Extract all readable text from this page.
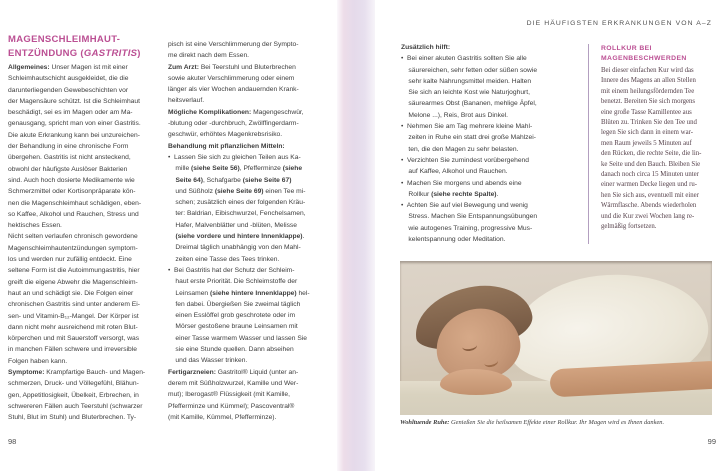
MAGENSCHLEIMHAUT-
ENTZÜNDUNG (GASTRITIS)
Allgemeines: Unser Magen ist mit einer
Schleimhautschicht ausgekleidet, die die
darunterliegenden Gewebeschichten vor
der Magensäure schützt. Ist die Schleimhaut
beschädigt, sei es im Magen oder am Ma-
genausgang, spricht man von einer Gastritis.
Die akute Erkrankung kann bei unzureichen-
der Behandlung in eine chronische Form
übergehen. Gastritis ist nicht ansteckend,
obwohl der häufigste Auslöser Bakterien
sind. Auch hoch dosierte Medikamente wie
Schmerzmittel oder Kortisonpräparate kön-
nen die Magenschleimhaut schädigen, eben-
so Kaffee, Alkohol und Rauchen, Stress und
hektisches Essen.
Nicht selten verlaufen chronisch gewordene
Magenschleimhautentzündungen symptom-
los und werden nur zufällig entdeckt. Eine
seltene Form ist die Autoimmungastritis, hier
greift die eigene Abwehr die Magenschleim-
haut an und schädigt sie. Die Folgen einer
chronischen Gastritis sind unter anderem Ei-
sen- und Vitamin-B₁₂-Mangel. Der Körper ist
dann nicht mehr ausreichend mit roten Blut-
körperchen und mit Sauerstoff versorgt, was
in manchen Fällen schwere und irreversible
Folgen haben kann.
Symptome: Krampfartige Bauch- und Magen-
schmerzen, Druck- und Völlegefühl, Blähun-
gen, Appetitlosigkeit, Übelkeit, Erbrechen, in
schwereren Fällen auch Teerstuhl (schwarzer
Stuhl, Blut im Stuhl) und Bluterbrechen. Ty-
pisch ist eine Verschlimmerung der Sympto-
me direkt nach dem Essen.
Zum Arzt: Bei Teerstuhl und Bluterbrechen
sowie akuter Verschlimmerung oder einem
länger als vier Wochen andauernden Krank-
heitsverlauf.
Mögliche Komplikationen: Magengeschwür,
-blutung oder -durchbruch, Zwölffingerdarm-
geschwür, erhöhtes Magenkrebsrisiko.
Behandlung mit pflanzlichen Mitteln:
•  Lassen Sie sich zu gleichen Teilen aus Ka-
mille (siehe Seite 56), Pfefferminze (siehe
Seite 64), Schafgarbe (siehe Seite 67)
und Süßholz (siehe Seite 69) einen Tee mi-
schen; zusätzlich eines der folgenden Kräu-
ter: Baldrian, Eibischwurzel, Fenchelsamen,
Hafer, Malvenblätter und -blüten, Melisse
(siehe vordere und hintere Innenklappe).
Dreimal täglich unabhängig von den Mahl-
zeiten eine Tasse des Tees trinken.
•  Bei Gastritis hat der Schutz der Schleim-
haut erste Priorität. Die Schleimstoffe der
Leinsamen (siehe hintere Innenklappe) hel-
fen dabei. Übergießen Sie zweimal täglich
einen Esslöffel grob geschrotete oder im
Mörser gestoßene braune Leinsamen mit
einer Tasse warmem Wasser und lassen Sie
sie eine Stunde quellen. Dann abseihen
und das Wasser trinken.
Fertigarzneien: Gastritol® Liquid (unter an-
derem mit Süßholzwurzel, Kamille und Wer-
mut); Iberogast® Flüssigkeit (mit Kamille,
Pfefferminze und Kümmel); Pascoventral®
(mit Kamille, Kümmel, Pfefferminze).
98
DIE HÄUFIGSTEN ERKRANKUNGEN VON A–Z
Zusätzlich hilft:
•  Bei einer akuten Gastritis sollten Sie alle
säurereichen, sehr fetten oder süßen sowie
sehr kalte Nahrungsmittel meiden. Halten
Sie sich an leichte Kost wie Naturjoghurt,
säurearmes Obst (Bananen, mehlige Äpfel,
Melone ...), Reis, Brot aus Dinkel.
•  Nehmen Sie am Tag mehrere kleine Mahl-
zeiten in Ruhe ein statt drei große Mahlzei-
ten, die den Magen zu sehr belasten.
•  Verzichten Sie zumindest vorübergehend
auf Kaffee, Alkohol und Rauchen.
•  Machen Sie morgens und abends eine
Rollkur (siehe rechte Spalte).
•  Achten Sie auf viel Bewegung und wenig
Stress. Machen Sie Entspannungsübungen
wie autogenes Training, progressive Mus-
kelentspannung oder Meditation.
ROLLKUR BEI
MAGENBESCHWERDEN
Bei dieser einfachen Kur wird das
Innere des Magens an allen Stellen
mit einem heilungsfördernden Tee
benetzt. Bereiten Sie sich morgens
eine große Tasse Kamillentee aus
Blüten zu. Trinken Sie den Tee und
legen Sie sich dann in einem war-
men Raum jeweils 5 Minuten auf
den Rücken, die rechte Seite, die lin-
ke Seite und den Bauch. Bleiben Sie
danach noch circa 15 Minuten unter
einer warmen Decke liegen und ru-
hen Sie sich aus, eventuell mit einer
Wärmflasche. Abends wiederholen
und die Kur zwei Wochen lang re-
gelmäßig fortsetzen.
Wohltuende Ruhe: Genießen Sie die heilsamen Effekte einer Rollkur. Ihr Magen wird es Ihnen danken.
99
